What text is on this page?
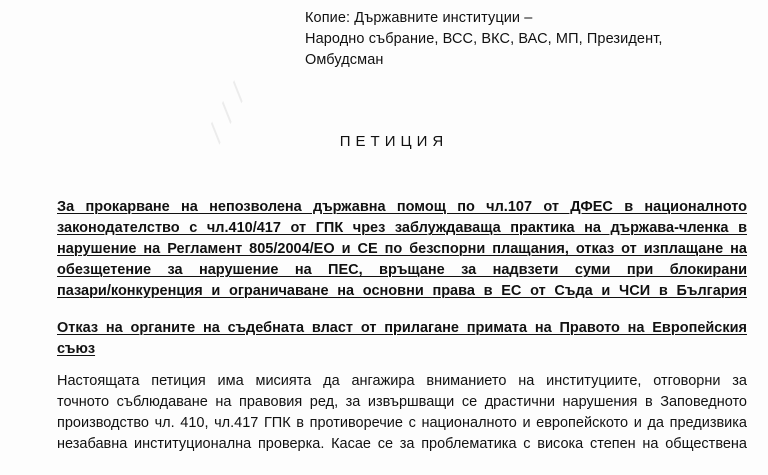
⟋⟋⟋
Копие: Държавните институции –
Народно събрание, ВСС, ВКС, ВАС, МП, Президент,
Омбудсман
ПЕТИЦИЯ
За прокарване на непозволена държавна помощ по чл.107 от ДФЕС в националното
законодателство с чл.410/417 от ГПК чрез заблуждаваща практика на държава-членка в
нарушение на Регламент 805/2004/ЕО и СЕ по безспорни плащания, отказ от изплащане на
обезщетение за нарушение на ПЕС, връщане за надвзети суми при блокирани
пазари/конкуренция и ограничаване на основни права в ЕС от Съда и ЧСИ в България
Отказ на органите на съдебната власт от прилагане примата на Правото на Европейския
съюз
Настоящата петиция има мисията да ангажира вниманието на институциите, отговорни за
точното съблюдаване на правовия ред, за извършващи се драстични нарушения в Заповедното
производство чл. 410, чл.417 ГПК в противоречие с националното и европейското и да предизвика
незабавна институционална проверка. Касае се за проблематика с висока степен на обществена
